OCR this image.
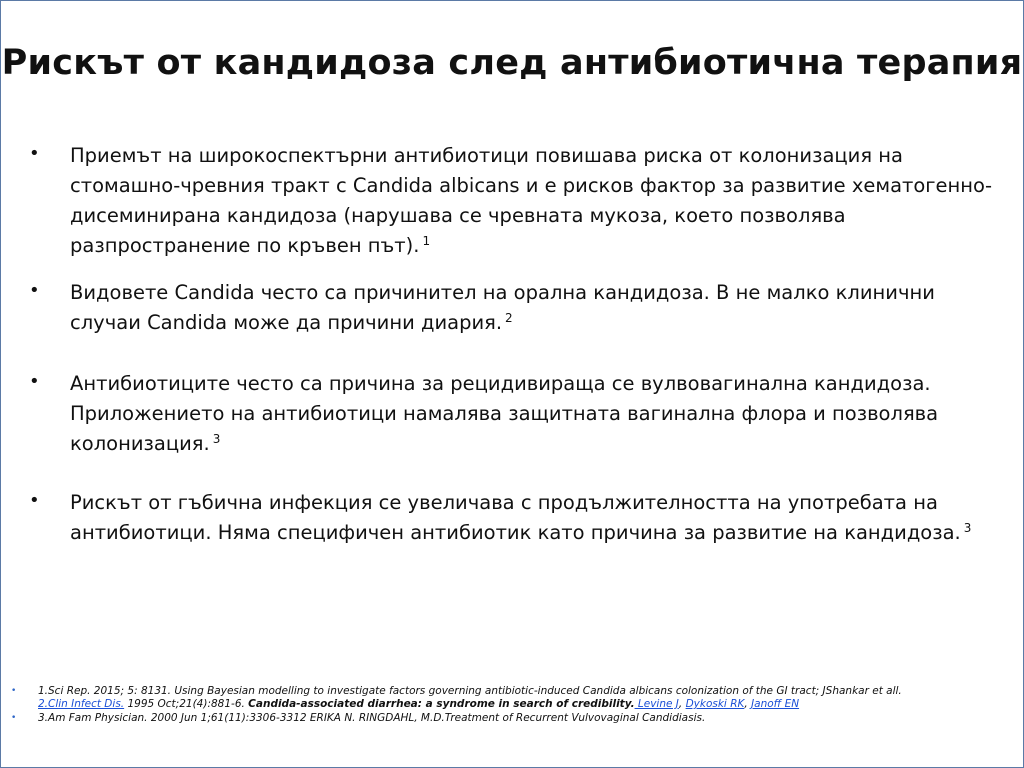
Рискът от кандидоза след антибиотична терапия
• Приемът на широкоспектърни антибиотици повишава риска от колонизация на стомашно-чревния тракт с Candida albicans и е рисков фактор за развитие хематогенно-дисеминирана кандидоза (нарушава се чревната мукоза, което позволява разпространение по кръвен път). $^1$
• Видовете Candida често са причинител на орална кандидоза. В не малко клинични случаи Candida може да причини диария. $^2$
• Антибиотиците често са причина за рецидивираща се вулвовагинална кандидоза. Приложението на антибиотици намалява защитната вагинална флора и позволява колонизация. $^3$
• Рискът от гъбична инфекция се увеличава с продължителността на употребата на антибиотици. Няма специфичен антибиотик като причина за развитие на кандидоза. $^3$
• 1.Sci Rep. 2015; 5: 8131. Using Bayesian modelling to investigate factors governing antibiotic-induced Candida albicans colonization of the GI tract; JShankar et all.
2.Clin Infect Dis. 1995 Oct;21(4):881-6. Candida-associated diarrhea: a syndrome in search of credibility. Levine J, Dykoski RK, Janoff EN
• 3.Am Fam Physician. 2000 Jun 1;61(11):3306-3312 ERIKA N. RINGDAHL, M.D.Treatment of Recurrent Vulvovaginal Candidiasis.
